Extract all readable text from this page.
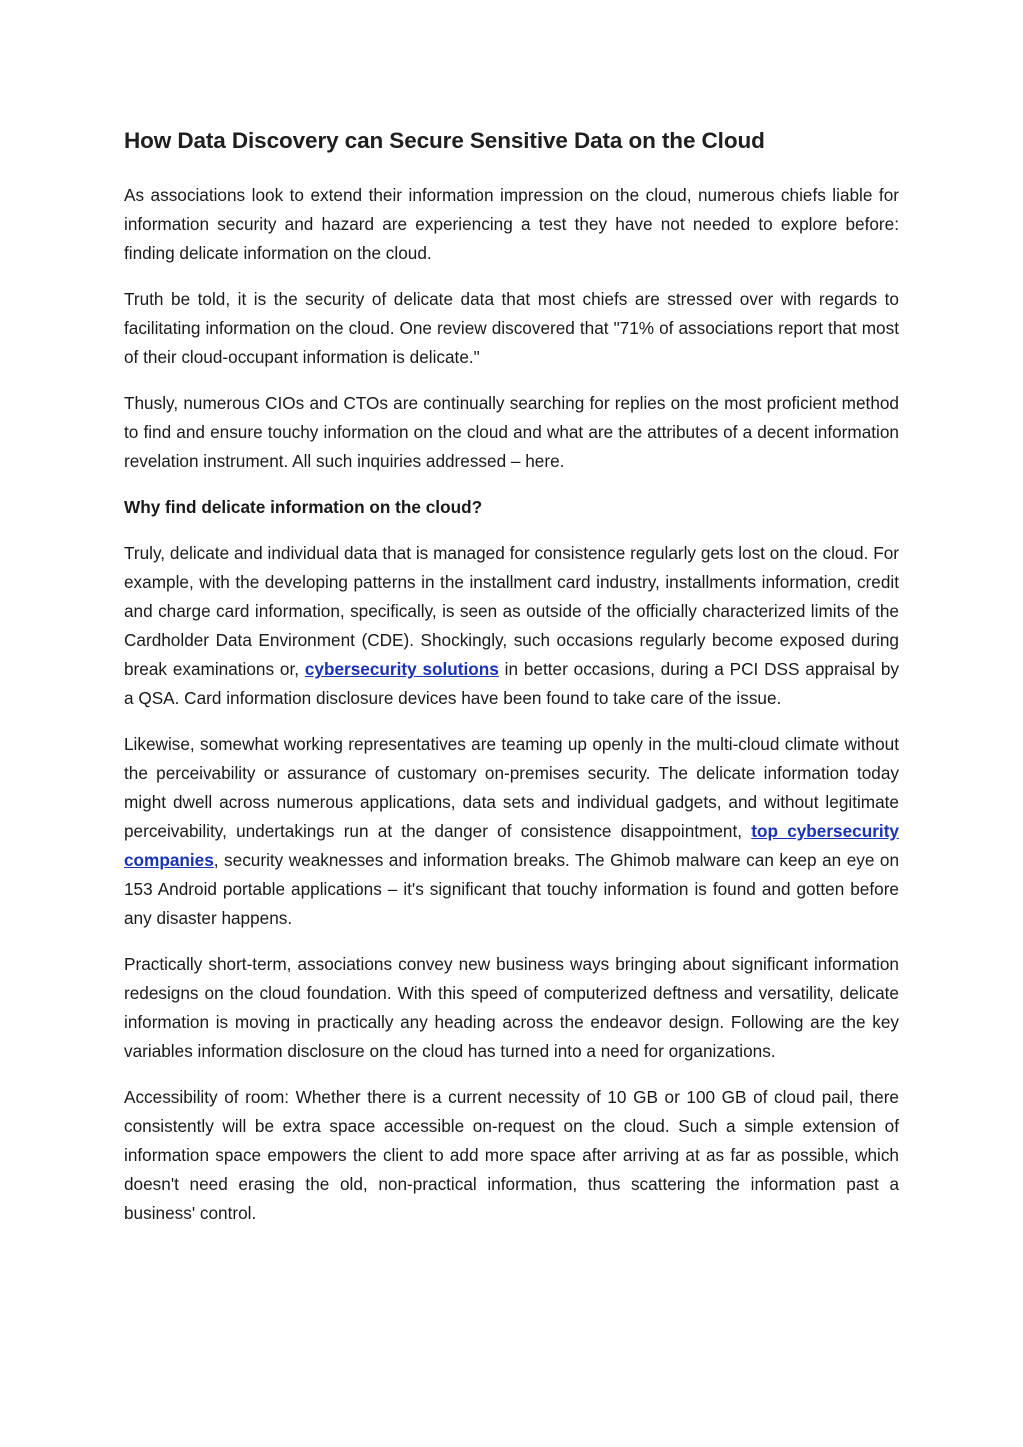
How Data Discovery can Secure Sensitive Data on the Cloud

As associations look to extend their information impression on the cloud, numerous chiefs liable for information security and hazard are experiencing a test they have not needed to explore before: finding delicate information on the cloud.

Truth be told, it is the security of delicate data that most chiefs are stressed over with regards to facilitating information on the cloud. One review discovered that "71% of associations report that most of their cloud-occupant information is delicate."

Thusly, numerous CIOs and CTOs are continually searching for replies on the most proficient method to find and ensure touchy information on the cloud and what are the attributes of a decent information revelation instrument. All such inquiries addressed – here.

Why find delicate information on the cloud?

Truly, delicate and individual data that is managed for consistence regularly gets lost on the cloud. For example, with the developing patterns in the installment card industry, installments information, credit and charge card information, specifically, is seen as outside of the officially characterized limits of the Cardholder Data Environment (CDE). Shockingly, such occasions regularly become exposed during break examinations or, cybersecurity solutions in better occasions, during a PCI DSS appraisal by a QSA. Card information disclosure devices have been found to take care of the issue.

Likewise, somewhat working representatives are teaming up openly in the multi-cloud climate without the perceivability or assurance of customary on-premises security. The delicate information today might dwell across numerous applications, data sets and individual gadgets, and without legitimate perceivability, undertakings run at the danger of consistence disappointment, top cybersecurity companies, security weaknesses and information breaks. The Ghimob malware can keep an eye on 153 Android portable applications – it's significant that touchy information is found and gotten before any disaster happens.

Practically short-term, associations convey new business ways bringing about significant information redesigns on the cloud foundation. With this speed of computerized deftness and versatility, delicate information is moving in practically any heading across the endeavor design. Following are the key variables information disclosure on the cloud has turned into a need for organizations.

Accessibility of room: Whether there is a current necessity of 10 GB or 100 GB of cloud pail, there consistently will be extra space accessible on-request on the cloud. Such a simple extension of information space empowers the client to add more space after arriving at as far as possible, which doesn't need erasing the old, non-practical information, thus scattering the information past a business' control.
